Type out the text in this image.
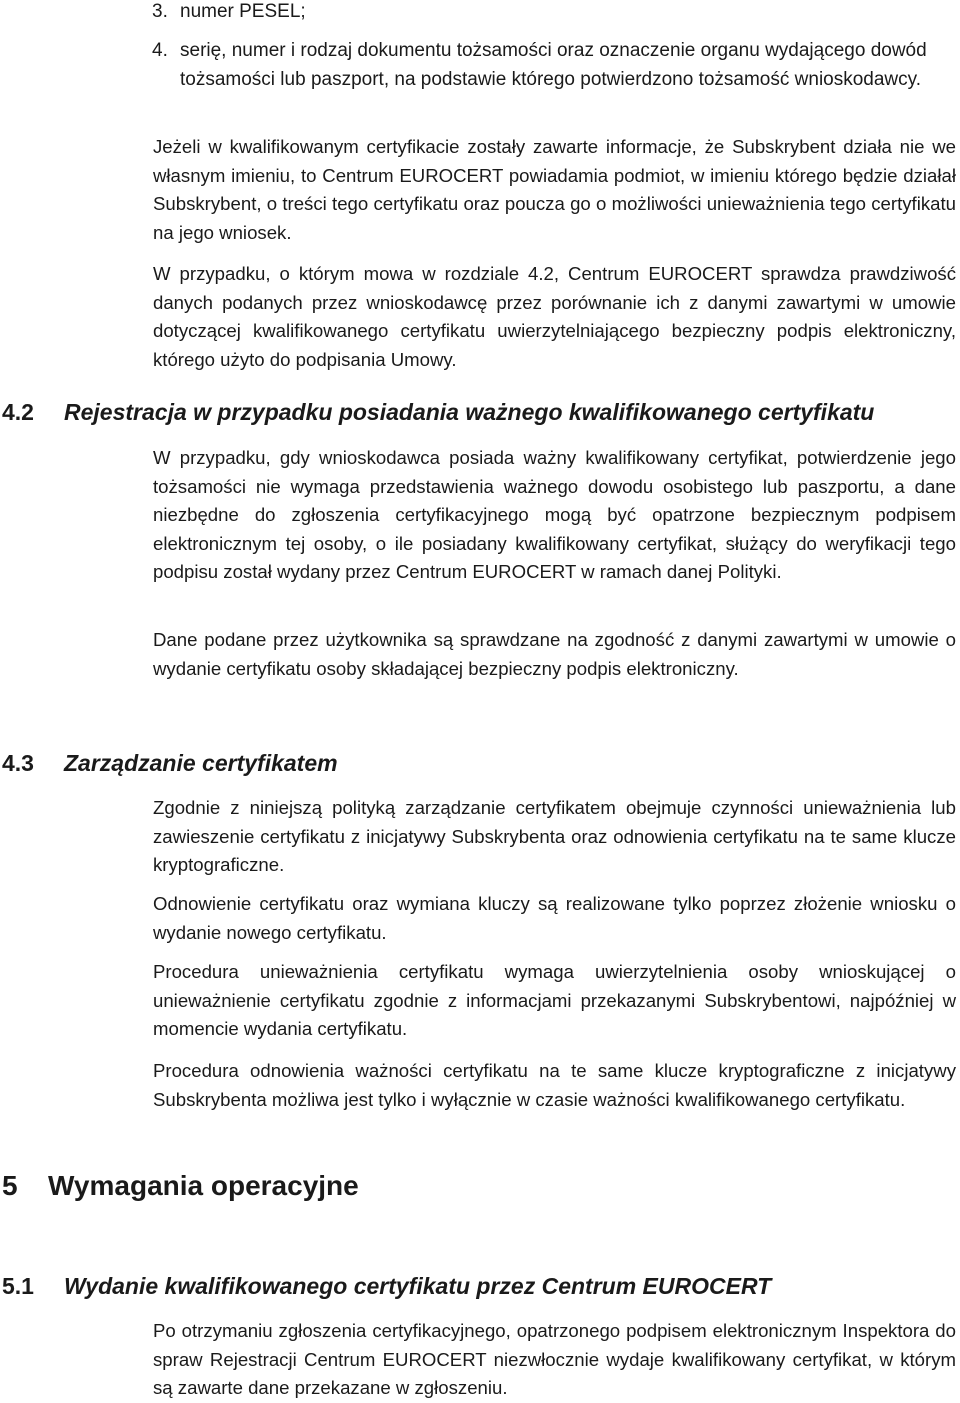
3. numer PESEL;
4. serię, numer i rodzaj dokumentu tożsamości oraz oznaczenie organu wydającego dowód tożsamości lub paszport, na podstawie którego potwierdzono tożsamość wnioskodawcy.

Jeżeli w kwalifikowanym certyfikacie zostały zawarte informacje, że Subskrybent działa nie we własnym imieniu, to Centrum EUROCERT powiadamia podmiot, w imieniu którego będzie działał Subskrybent, o treści tego certyfikatu oraz poucza go o możliwości unieważnienia tego certyfikatu na jego wniosek.

W przypadku, o którym mowa w rozdziale 4.2, Centrum EUROCERT sprawdza prawdziwość danych podanych przez wnioskodawcę przez porównanie ich z danymi zawartymi w umowie dotyczącej kwalifikowanego certyfikatu uwierzytelniającego bezpieczny podpis elektroniczny, którego użyto do podpisania Umowy.

4.2 Rejestracja w przypadku posiadania ważnego kwalifikowanego certyfikatu

W przypadku, gdy wnioskodawca posiada ważny kwalifikowany certyfikat, potwierdzenie jego tożsamości nie wymaga przedstawienia ważnego dowodu osobistego lub paszportu, a dane niezbędne do zgłoszenia certyfikacyjnego mogą być opatrzone bezpiecznym podpisem elektronicznym tej osoby, o ile posiadany kwalifikowany certyfikat, służący do weryfikacji tego podpisu został wydany przez Centrum EUROCERT w ramach danej Polityki.

Dane podane przez użytkownika są sprawdzane na zgodność z danymi zawartymi w umowie o wydanie certyfikatu osoby składającej bezpieczny podpis elektroniczny.

4.3 Zarządzanie certyfikatem

Zgodnie z niniejszą polityką zarządzanie certyfikatem obejmuje czynności unieważnienia lub zawieszenie certyfikatu z inicjatywy Subskrybenta oraz odnowienia certyfikatu na te same klucze kryptograficzne.

Odnowienie certyfikatu oraz wymiana kluczy są realizowane tylko poprzez złożenie wniosku o wydanie nowego certyfikatu.

Procedura unieważnienia certyfikatu wymaga uwierzytelnienia osoby wnioskującej o unieważnienie certyfikatu zgodnie z informacjami przekazanymi Subskrybentowi, najpóźniej w momencie wydania certyfikatu.

Procedura odnowienia ważności certyfikatu na te same klucze kryptograficzne z inicjatywy Subskrybenta możliwa jest tylko i wyłącznie w czasie ważności kwalifikowanego certyfikatu.

5 Wymagania operacyjne
5.1 Wydanie kwalifikowanego certyfikatu przez Centrum EUROCERT

Po otrzymaniu zgłoszenia certyfikacyjnego, opatrzonego podpisem elektronicznym Inspektora do spraw Rejestracji Centrum EUROCERT niezwłocznie wydaje kwalifikowany certyfikat, w którym są zawarte dane przekazane w zgłoszeniu.
